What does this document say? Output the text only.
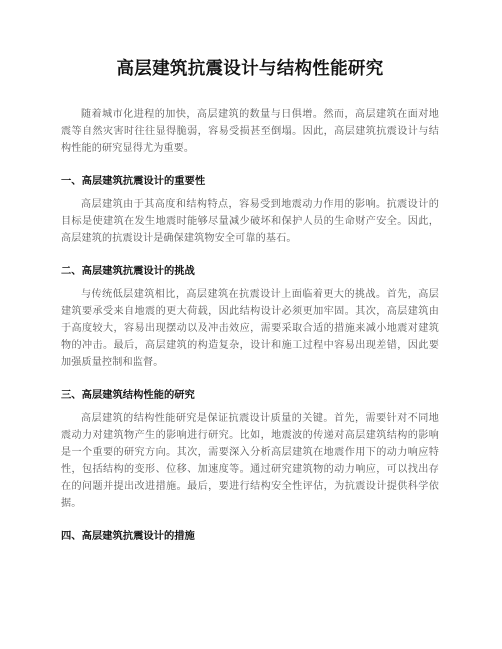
高层建筑抗震设计与结构性能研究

随着城市化进程的加快，高层建筑的数量与日俱增。然而，高层建筑在面对地震等自然灾害时往往显得脆弱，容易受损甚至倒塌。因此，高层建筑抗震设计与结构性能的研究显得尤为重要。

一、高层建筑抗震设计的重要性

高层建筑由于其高度和结构特点，容易受到地震动力作用的影响。抗震设计的目标是使建筑在发生地震时能够尽量减少破坏和保护人员的生命财产安全。因此，高层建筑的抗震设计是确保建筑物安全可靠的基石。

二、高层建筑抗震设计的挑战

与传统低层建筑相比，高层建筑在抗震设计上面临着更大的挑战。首先，高层建筑要承受来自地震的更大荷载，因此结构设计必须更加牢固。其次，高层建筑由于高度较大，容易出现摆动以及冲击效应，需要采取合适的措施来减小地震对建筑物的冲击。最后，高层建筑的构造复杂，设计和施工过程中容易出现差错，因此要加强质量控制和监督。

三、高层建筑结构性能的研究

高层建筑的结构性能研究是保证抗震设计质量的关键。首先，需要针对不同地震动力对建筑物产生的影响进行研究。比如，地震波的传递对高层建筑结构的影响是一个重要的研究方向。其次，需要深入分析高层建筑在地震作用下的动力响应特性，包括结构的变形、位移、加速度等。通过研究建筑物的动力响应，可以找出存在的问题并提出改进措施。最后，要进行结构安全性评估，为抗震设计提供科学依据。

四、高层建筑抗震设计的措施
